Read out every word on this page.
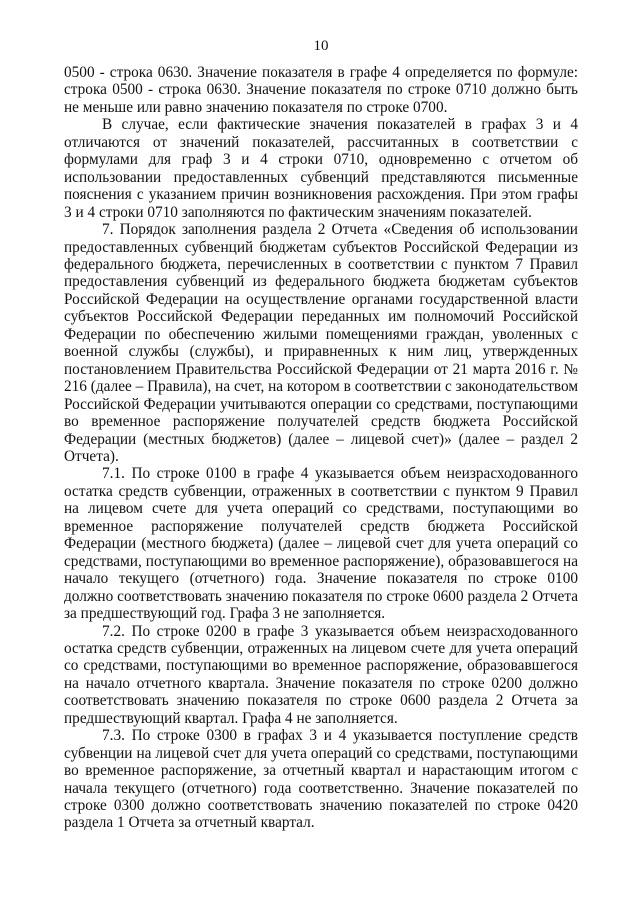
10

0500 - строка 0630. Значение показателя в графе 4 определяется по формуле: строка 0500 - строка 0630. Значение показателя по строке 0710 должно быть не меньше или равно значению показателя по строке 0700.

В случае, если фактические значения показателей в графах 3 и 4 отличаются от значений показателей, рассчитанных в соответствии с формулами для граф 3 и 4 строки 0710, одновременно с отчетом об использовании предоставленных субвенций представляются письменные пояснения с указанием причин возникновения расхождения. При этом графы 3 и 4 строки 0710 заполняются по фактическим значениям показателей.

7. Порядок заполнения раздела 2 Отчета «Сведения об использовании предоставленных субвенций бюджетам субъектов Российской Федерации из федерального бюджета, перечисленных в соответствии с пунктом 7 Правил предоставления субвенций из федерального бюджета бюджетам субъектов Российской Федерации на осуществление органами государственной власти субъектов Российской Федерации переданных им полномочий Российской Федерации по обеспечению жилыми помещениями граждан, уволенных с военной службы (службы), и приравненных к ним лиц, утвержденных постановлением Правительства Российской Федерации от 21 марта 2016 г. № 216 (далее – Правила), на счет, на котором в соответствии с законодательством Российской Федерации учитываются операции со средствами, поступающими во временное распоряжение получателей средств бюджета Российской Федерации (местных бюджетов) (далее – лицевой счет)» (далее – раздел 2 Отчета).

7.1. По строке 0100 в графе 4 указывается объем неизрасходованного остатка средств субвенции, отраженных в соответствии с пунктом 9 Правил на лицевом счете для учета операций со средствами, поступающими во временное распоряжение получателей средств бюджета Российской Федерации (местного бюджета) (далее – лицевой счет для учета операций со средствами, поступающими во временное распоряжение), образовавшегося на начало текущего (отчетного) года. Значение показателя по строке 0100 должно соответствовать значению показателя по строке 0600 раздела 2 Отчета за предшествующий год. Графа 3 не заполняется.

7.2. По строке 0200 в графе 3 указывается объем неизрасходованного остатка средств субвенции, отраженных на лицевом счете для учета операций со средствами, поступающими во временное распоряжение, образовавшегося на начало отчетного квартала. Значение показателя по строке 0200 должно соответствовать значению показателя по строке 0600 раздела 2 Отчета за предшествующий квартал. Графа 4 не заполняется.

7.3. По строке 0300 в графах 3 и 4 указывается поступление средств субвенции на лицевой счет для учета операций со средствами, поступающими во временное распоряжение, за отчетный квартал и нарастающим итогом с начала текущего (отчетного) года соответственно. Значение показателей по строке 0300 должно соответствовать значению показателей по строке 0420 раздела 1 Отчета за отчетный квартал.
